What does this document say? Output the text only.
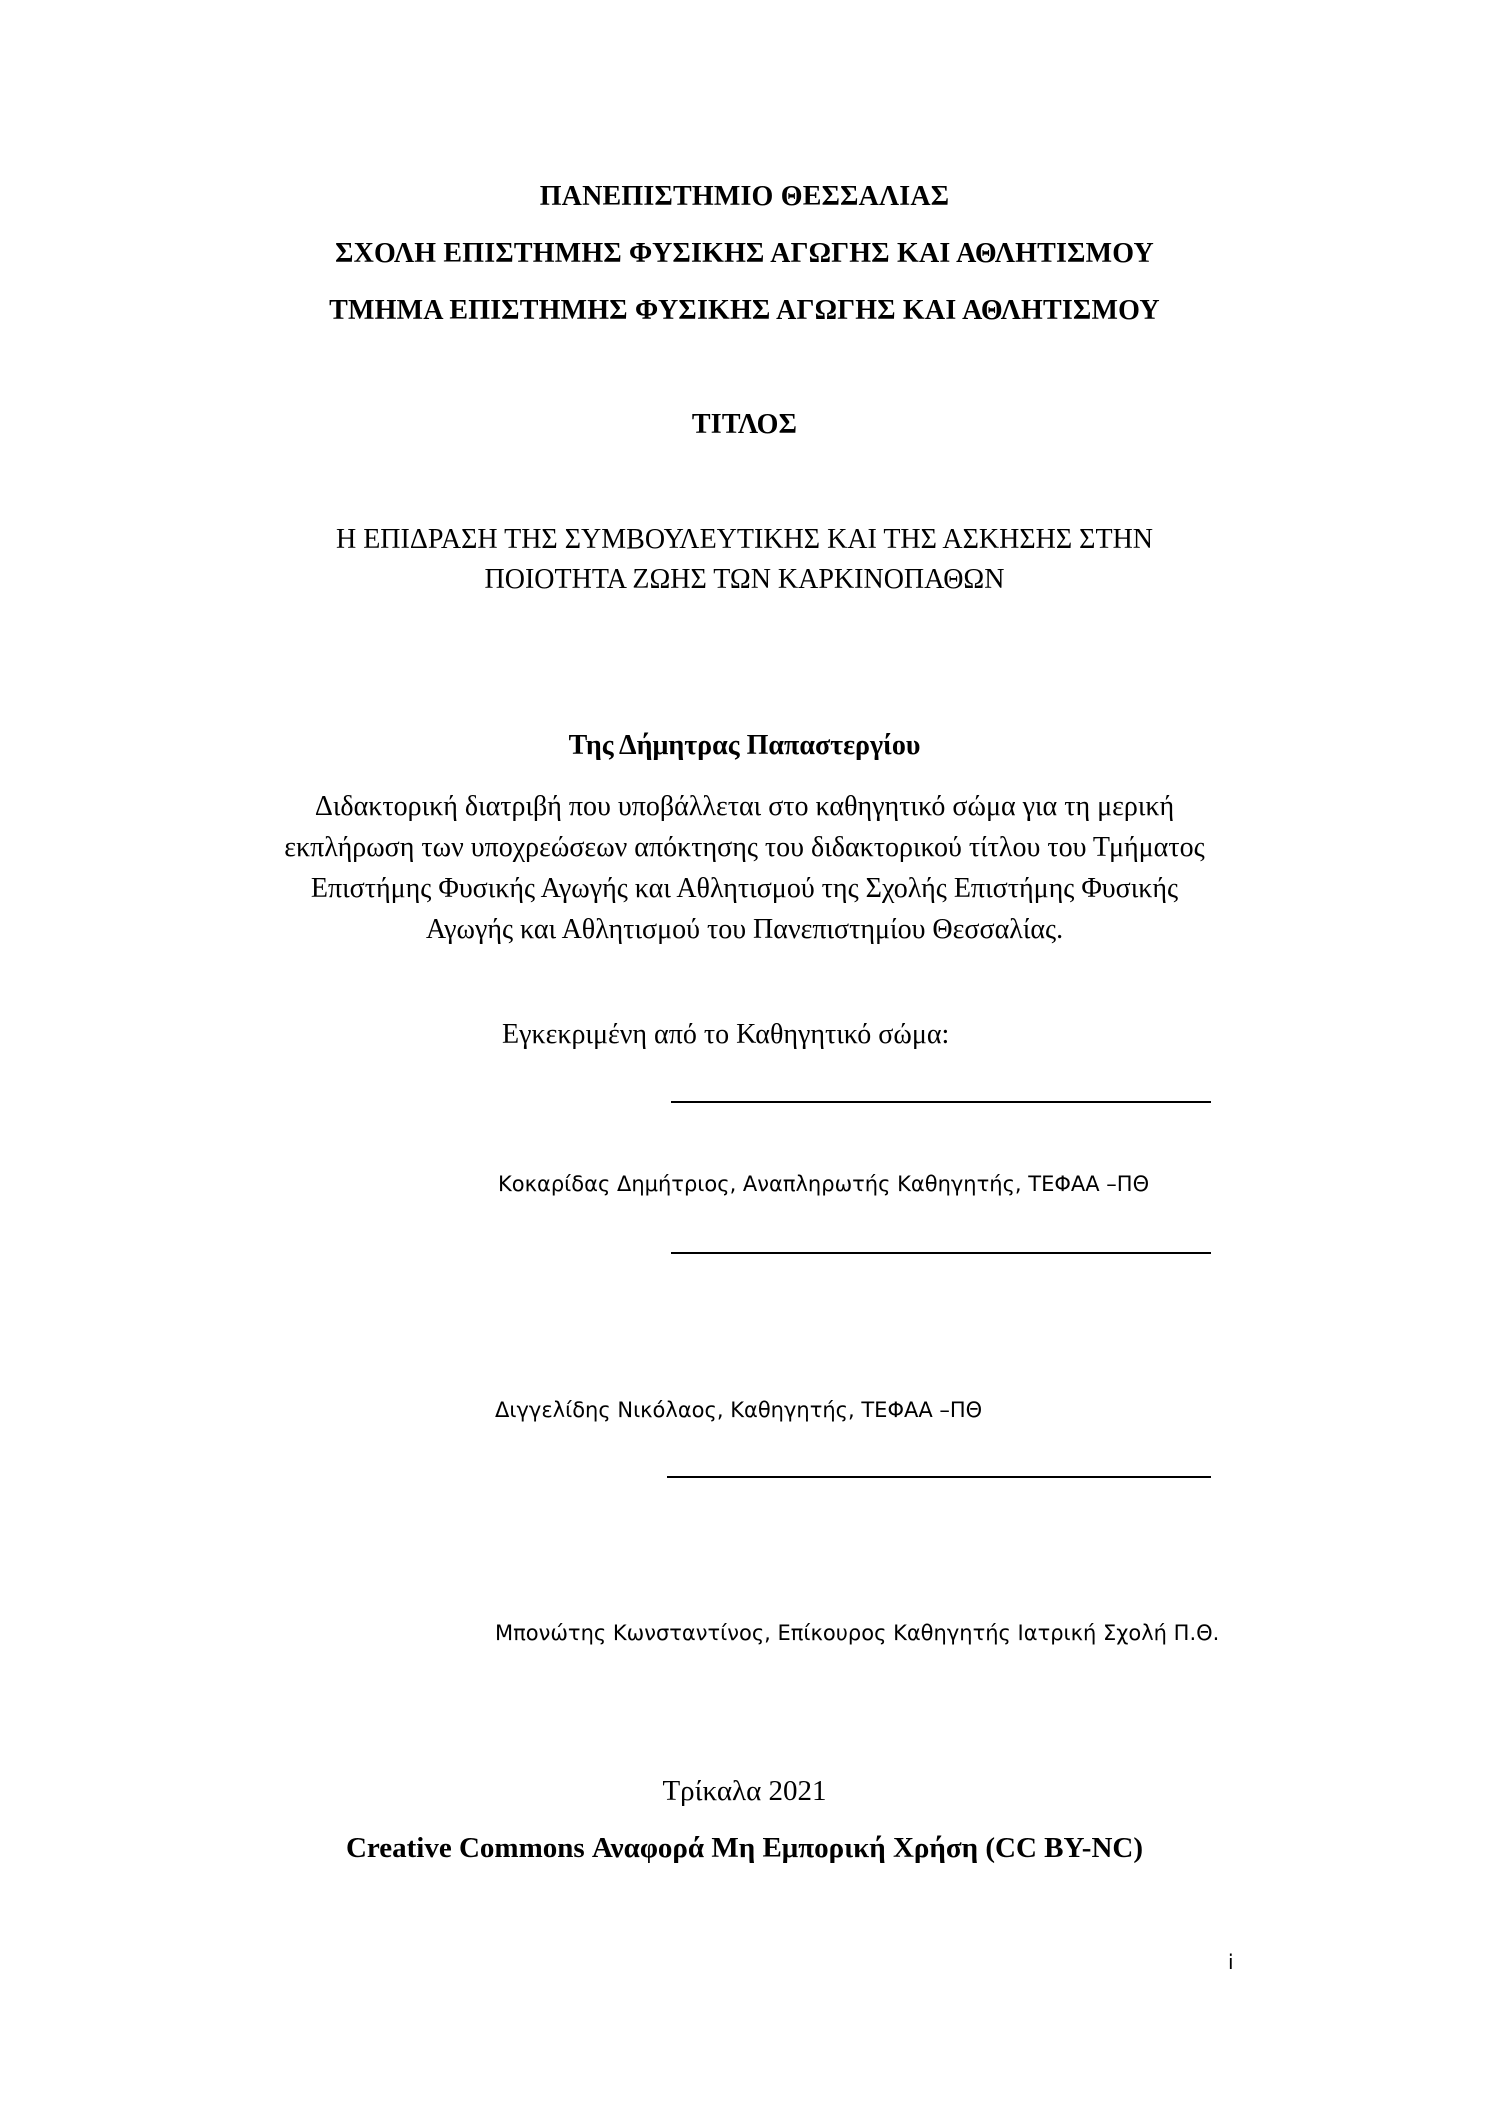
ΠΑΝΕΠΙΣΤΗΜΙΟ ΘΕΣΣΑΛΙΑΣ
ΣΧΟΛΗ ΕΠΙΣΤΗΜΗΣ ΦΥΣΙΚΗΣ ΑΓΩΓΗΣ ΚΑΙ ΑΘΛΗΤΙΣΜΟΥ
ΤΜΗΜΑ ΕΠΙΣΤΗΜΗΣ ΦΥΣΙΚΗΣ ΑΓΩΓΗΣ ΚΑΙ ΑΘΛΗΤΙΣΜΟΥ
ΤΙΤΛΟΣ
Η ΕΠΙΔΡΑΣΗ ΤΗΣ ΣΥΜΒΟΥΛΕΥΤΙΚΗΣ ΚΑΙ ΤΗΣ ΑΣΚΗΣΗΣ ΣΤΗΝ
ΠΟΙΟΤΗΤΑ ΖΩΗΣ ΤΩΝ ΚΑΡΚΙΝΟΠΑΘΩΝ
Της Δήμητρας Παπαστεργίου
Διδακτορική διατριβή που υποβάλλεται στο καθηγητικό σώμα για τη μερική
εκπλήρωση των υποχρεώσεων απόκτησης του διδακτορικού τίτλου του Τμήματος
Επιστήμης Φυσικής Αγωγής και Αθλητισμού της Σχολής Επιστήμης Φυσικής
Αγωγής και Αθλητισμού του Πανεπιστημίου Θεσσαλίας.
Εγκεκριμένη από το Καθηγητικό σώμα:
Κοκαρίδας Δημήτριος, Αναπληρωτής Καθηγητής, ΤΕΦΑΑ –ΠΘ
Διγγελίδης Νικόλαος, Καθηγητής, ΤΕΦΑΑ –ΠΘ
Μπονώτης Κωνσταντίνος, Επίκουρος Καθηγητής Ιατρική Σχολή Π.Θ.
Τρίκαλα 2021
Creative Commons Αναφορά Μη Εμπορική Χρήση (CC BY-NC)
i
